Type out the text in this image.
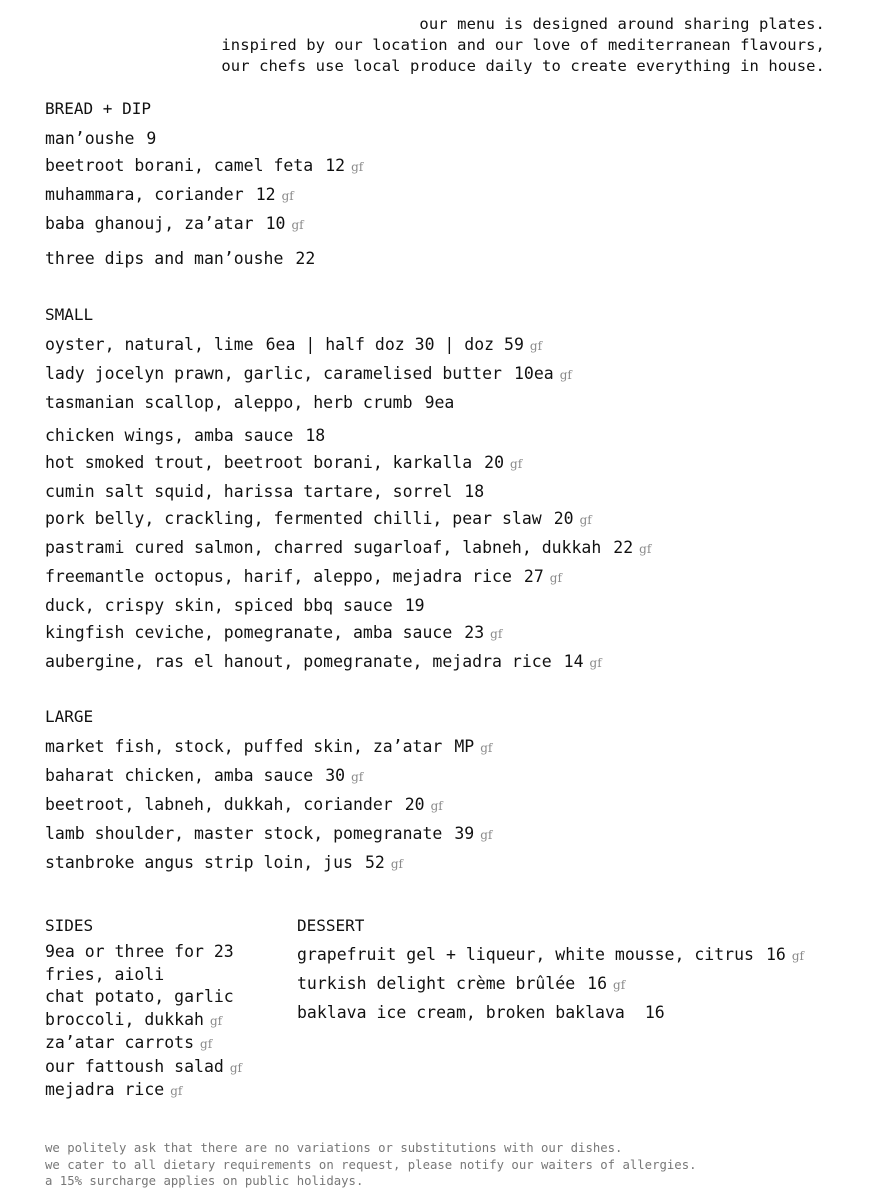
our menu is designed around sharing plates.
inspired by our location and our love of mediterranean flavours,
our chefs use local produce daily to create everything in house.
BREAD + DIP
man’oushe 9
beetroot borani, camel feta 12 gf
muhammara, coriander 12 gf
baba ghanouj, za’atar 10 gf
three dips and man’oushe 22
SMALL
oyster, natural, lime 6ea | half doz 30 | doz 59 gf
lady jocelyn prawn, garlic, caramelised butter 10ea gf
tasmanian scallop, aleppo, herb crumb 9ea
chicken wings, amba sauce 18
hot smoked trout, beetroot borani, karkalla 20 gf
cumin salt squid, harissa tartare, sorrel 18
pork belly, crackling, fermented chilli, pear slaw 20 gf
pastrami cured salmon, charred sugarloaf, labneh, dukkah 22 gf
freemantle octopus, harif, aleppo, mejadra rice 27 gf
duck, crispy skin, spiced bbq sauce 19
kingfish ceviche, pomegranate, amba sauce 23 gf
aubergine, ras el hanout, pomegranate, mejadra rice 14 gf
LARGE
market fish, stock, puffed skin, za’atar MP gf
baharat chicken, amba sauce 30 gf
beetroot, labneh, dukkah, coriander 20 gf
lamb shoulder, master stock, pomegranate 39 gf
stanbroke angus strip loin, jus 52 gf
SIDES
9ea or three for 23
fries, aioli
chat potato, garlic
broccoli, dukkah gf
za’atar carrots gf
our fattoush salad gf
mejadra rice gf
DESSERT
grapefruit gel + liqueur, white mousse, citrus 16 gf
turkish delight crème brûlée 16 gf
baklava ice cream, broken baklava 16
we politely ask that there are no variations or substitutions with our dishes.
we cater to all dietary requirements on request, please notify our waiters of allergies.
a 15% surcharge applies on public holidays.
